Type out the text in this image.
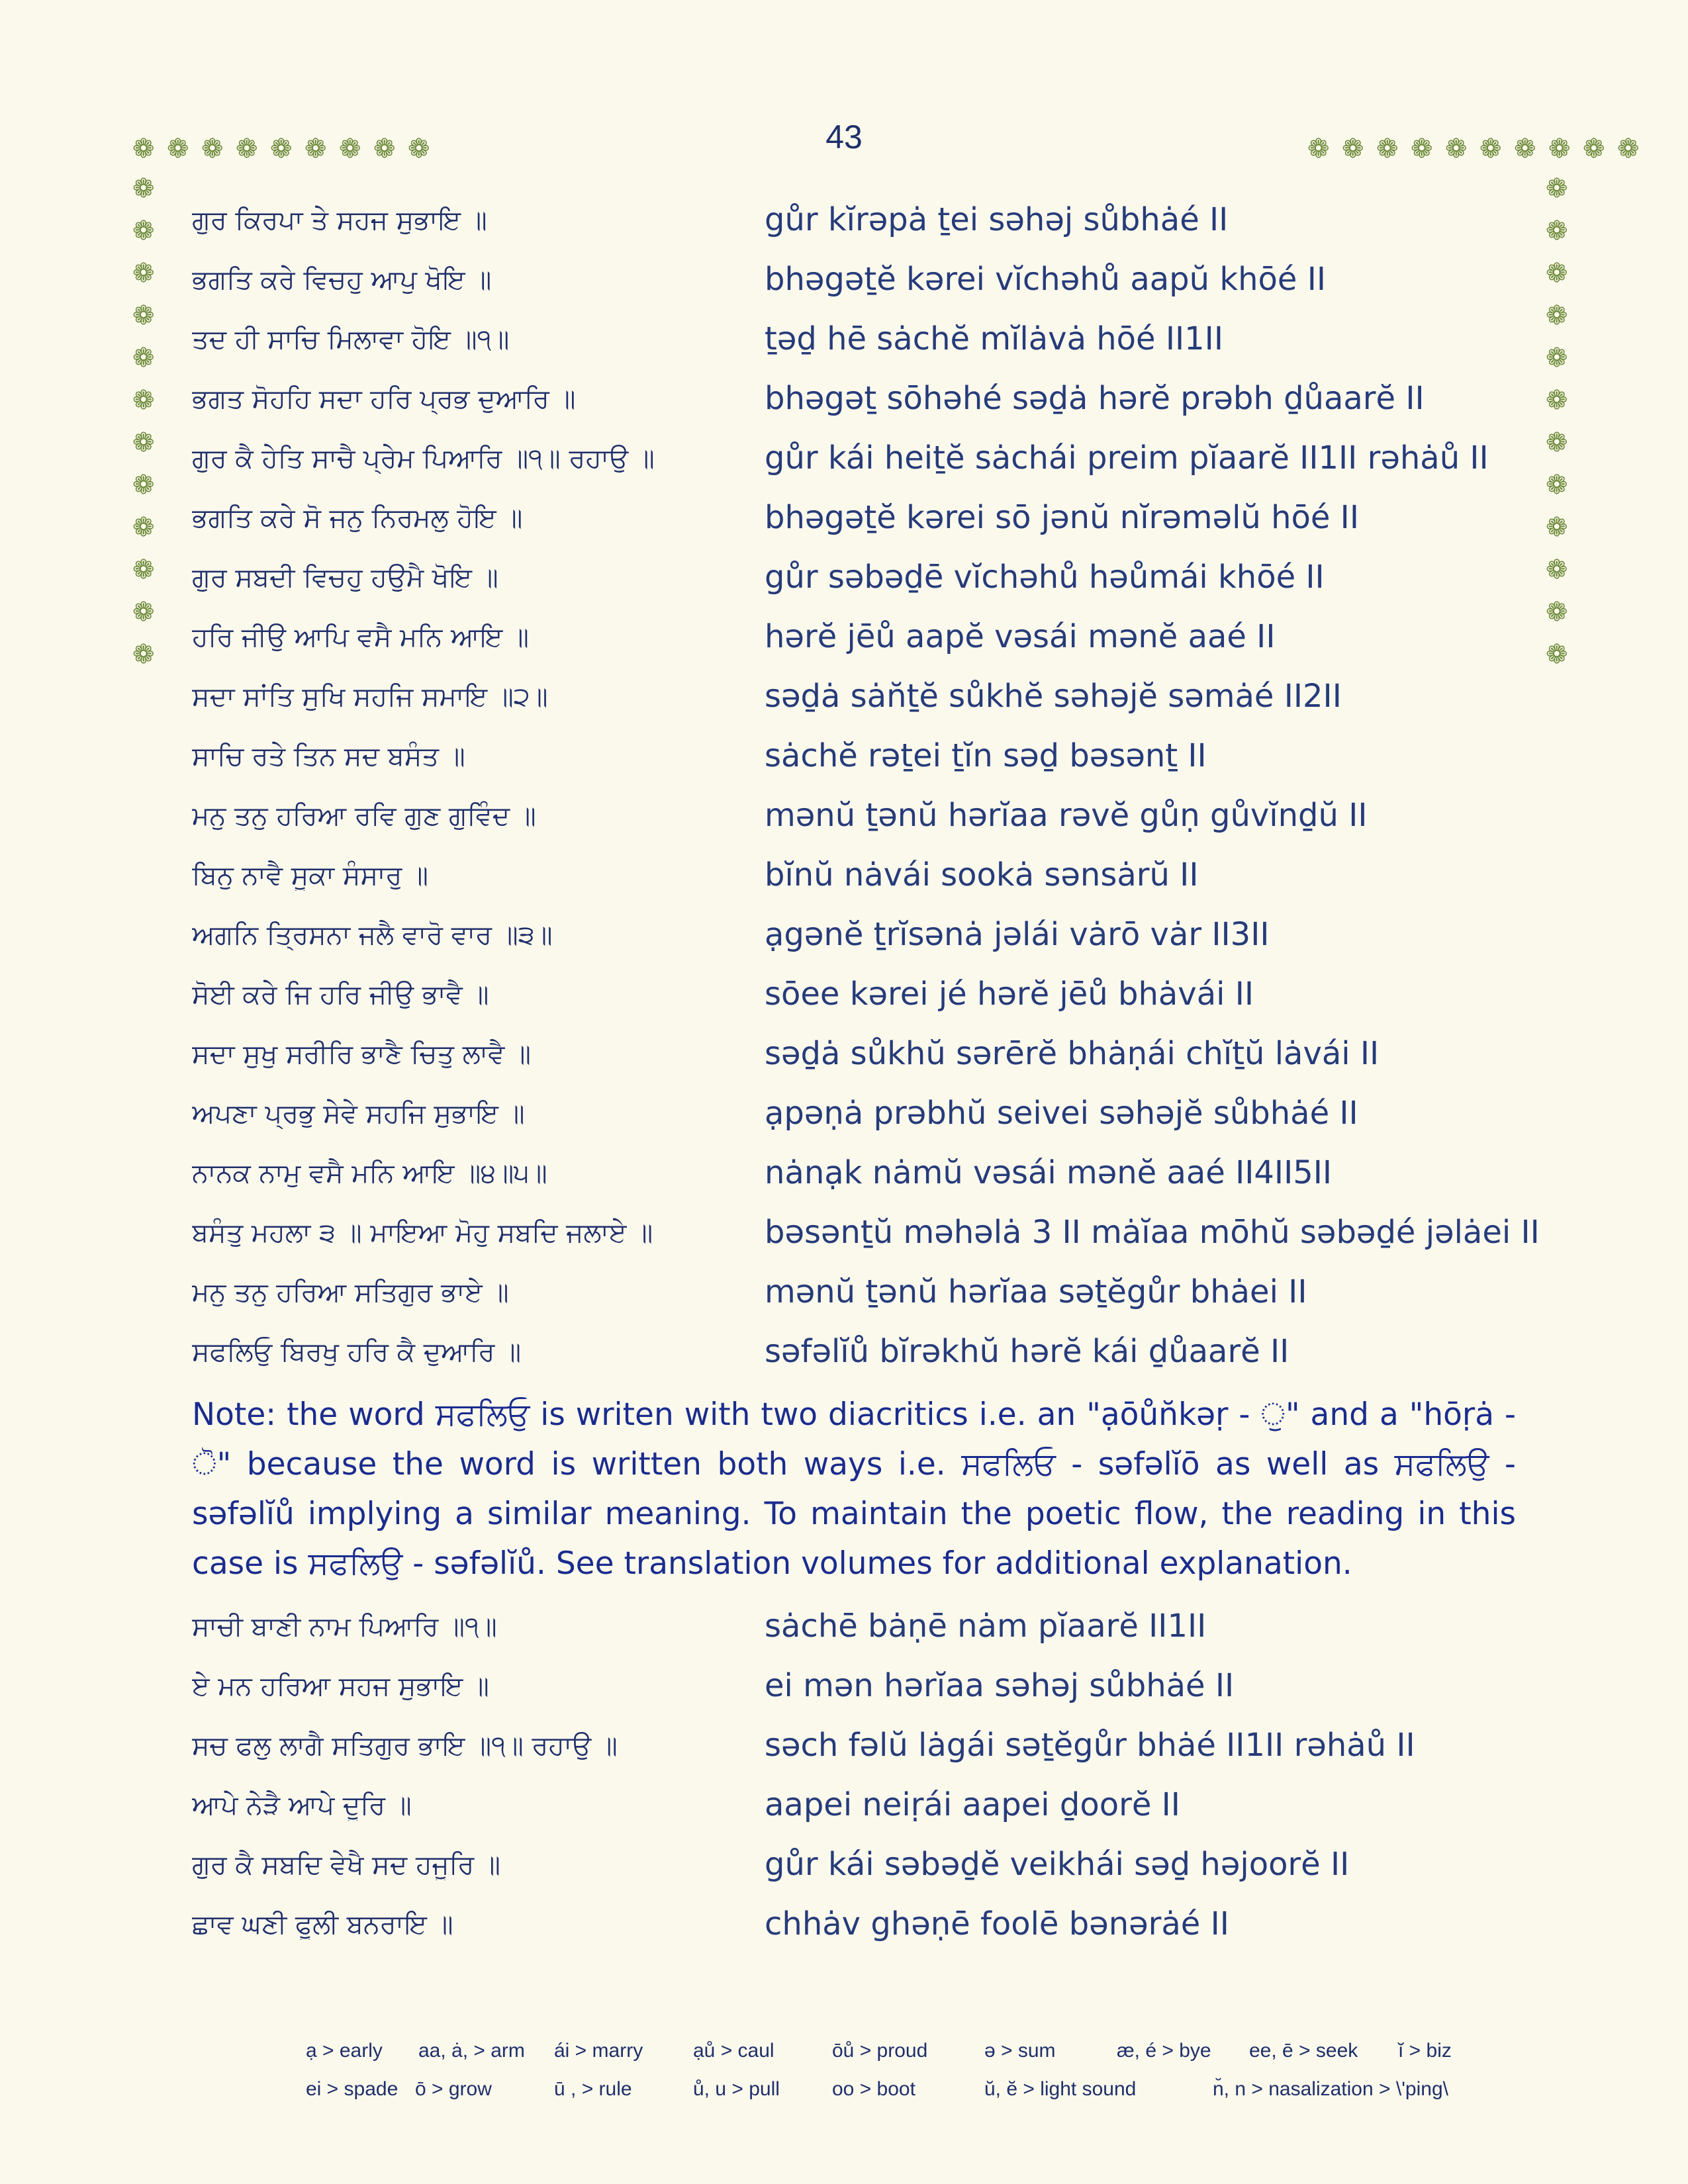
43
❁ ❁ ❁ ❁ ❁ ❁ ❁ ❁ ❁	❁ ❁ ❁ ❁ ❁ ❁ ❁ ❁ ❁ ❁
❁
❁
❁
❁
❁
❁
❁
❁
❁
❁
❁
❁
❁
❁
❁
❁
❁
❁
❁
❁
❁
❁
❁
❁
ਗੁਰ ਕਿਰਪਾ ਤੇ ਸਹਜ ਸੁਭਾਇ ॥	gůr kĭrəpȧ ṯei səhəj sůbhȧé II
ਭਗਤਿ ਕਰੇ ਵਿਚਹੁ ਆਪੁ ਖੋਇ ॥	bhəgəṯĕ kərei vĭchəhů aapŭ khōé II
ਤਦ ਹੀ ਸਾਚਿ ਮਿਲਾਵਾ ਹੋਇ ॥੧॥	ṯəḏ hē sȧchĕ mĭlȧvȧ hōé II1II
ਭਗਤ ਸੋਹਹਿ ਸਦਾ ਹਰਿ ਪ੍ਰਭ ਦੁਆਰਿ ॥	bhəgəṯ sōhəhé səḏȧ hərĕ prəbh ḏůaarĕ II
ਗੁਰ ਕੈ ਹੇਤਿ ਸਾਚੈ ਪ੍ਰੇਮ ਪਿਆਰਿ ॥੧॥ ਰਹਾਉ ॥	gůr kái heiṯĕ sȧchái preim pĭaarĕ II1II rəhȧů II
ਭਗਤਿ ਕਰੇ ਸੋ ਜਨੁ ਨਿਰਮਲੁ ਹੋਇ ॥	bhəgəṯĕ kərei sō jənŭ nĭrəməlŭ hōé II
ਗੁਰ ਸਬਦੀ ਵਿਚਹੁ ਹਉਮੈ ਖੋਇ ॥	gůr səbəḏē vĭchəhů həůmái khōé II
ਹਰਿ ਜੀਉ ਆਪਿ ਵਸੈ ਮਨਿ ਆਇ ॥	hərĕ jēů aapĕ vəsái mənĕ aaé II
ਸਦਾ ਸਾਂਤਿ ਸੁਖਿ ਸਹਜਿ ਸਮਾਇ ॥੨॥	səḏȧ sȧn̆ṯĕ sůkhĕ səhəjĕ səmȧé II2II
ਸਾਚਿ ਰਤੇ ਤਿਨ ਸਦ ਬਸੰਤ ॥	sȧchĕ rəṯei ṯĭn səḏ bəsənṯ II
ਮਨੁ ਤਨੁ ਹਰਿਆ ਰਵਿ ਗੁਣ ਗੁਵਿੰਦ ॥	mənŭ ṯənŭ hərĭaa rəvĕ gůṇ gůvĭnḏŭ II
ਬਿਨੁ ਨਾਵੈ ਸੂਕਾ ਸੰਸਾਰੁ ॥	bĭnŭ nȧvái sookȧ sənsȧrŭ II
ਅਗਨਿ ਤ੍ਰਿਸਨਾ ਜਲੈ ਵਾਰੋ ਵਾਰ ॥੩॥	ạgənĕ ṯrĭsənȧ jəlái vȧrō vȧr II3II
ਸੋਈ ਕਰੇ ਜਿ ਹਰਿ ਜੀਉ ਭਾਵੈ ॥	sōee kərei jé hərĕ jēů bhȧvái II
ਸਦਾ ਸੁਖੁ ਸਰੀਰਿ ਭਾਣੈ ਚਿਤੁ ਲਾਵੈ ॥	səḏȧ sůkhŭ sərērĕ bhȧṇái chĭṯŭ lȧvái II
ਅਪਣਾ ਪ੍ਰਭੁ ਸੇਵੇ ਸਹਜਿ ਸੁਭਾਇ ॥	ạpəṇȧ prəbhŭ seivei səhəjĕ sůbhȧé II
ਨਾਨਕ ਨਾਮੁ ਵਸੈ ਮਨਿ ਆਇ ॥੪॥੫॥	nȧnạk nȧmŭ vəsái mənĕ aaé II4II5II
ਬਸੰਤੁ ਮਹਲਾ ੩ ॥ ਮਾਇਆ ਮੋਹੁ ਸਬਦਿ ਜਲਾਏ ॥	bəsənṯŭ məhəlȧ 3 II mȧĭaa mōhŭ səbəḏé jəlȧei II
ਮਨੁ ਤਨੁ ਹਰਿਆ ਸਤਿਗੁਰ ਭਾਏ ॥	mənŭ ṯənŭ hərĭaa səṯĕgůr bhȧei II
ਸਫਲਿਓੁ ਬਿਰਖੁ ਹਰਿ ਕੈ ਦੁਆਰਿ ॥	səfəlĭů bĭrəkhŭ hərĕ kái ḏůaarĕ II
Note: the word ਸਫਲਿਓੁ is writen with two diacritics i.e. an "ạōůn̆kəṛ - ੁ" and a "hōṛȧ - ੋ" because the word is written both ways i.e. ਸਫਲਿਓ - səfəlĭō as well as ਸਫਲਿਉ - səfəlĭů implying a similar meaning. To maintain the poetic flow, the reading in this case is ਸਫਲਿਉ - səfəlĭů. See translation volumes for additional explanation.
ਸਾਚੀ ਬਾਣੀ ਨਾਮ ਪਿਆਰਿ ॥੧॥	sȧchē bȧṇē nȧm pĭaarĕ II1II
ਏ ਮਨ ਹਰਿਆ ਸਹਜ ਸੁਭਾਇ ॥	ei mən hərĭaa səhəj sůbhȧé II
ਸਚ ਫਲੁ ਲਾਗੈ ਸਤਿਗੁਰ ਭਾਇ ॥੧॥ ਰਹਾਉ ॥	səch fəlŭ lȧgái səṯĕgůr bhȧé II1II rəhȧů II
ਆਪੇ ਨੇੜੈ ਆਪੇ ਦੂਰਿ ॥	aapei neiṛái aapei ḏoorĕ II
ਗੁਰ ਕੈ ਸਬਦਿ ਵੇਖੈ ਸਦ ਹਜੂਰਿ ॥	gůr kái səbəḏĕ veikhái səḏ həjoorĕ II
ਛਾਵ ਘਣੀ ਫੂਲੀ ਬਨਰਾਇ ॥	chhȧv ghəṇē foolē bənərȧé II
ạ > early aa, ȧ, > arm ái > marry	ạů > caul	ōů > proud	ə > sum	æ, é > bye ee, ē > seek ĭ > biz
ei > spade ō > grow	ū , > rule	ů, u > pull	oo > boot	ŭ, ĕ > light sound	n̆, n > nasalization > \'ping\
